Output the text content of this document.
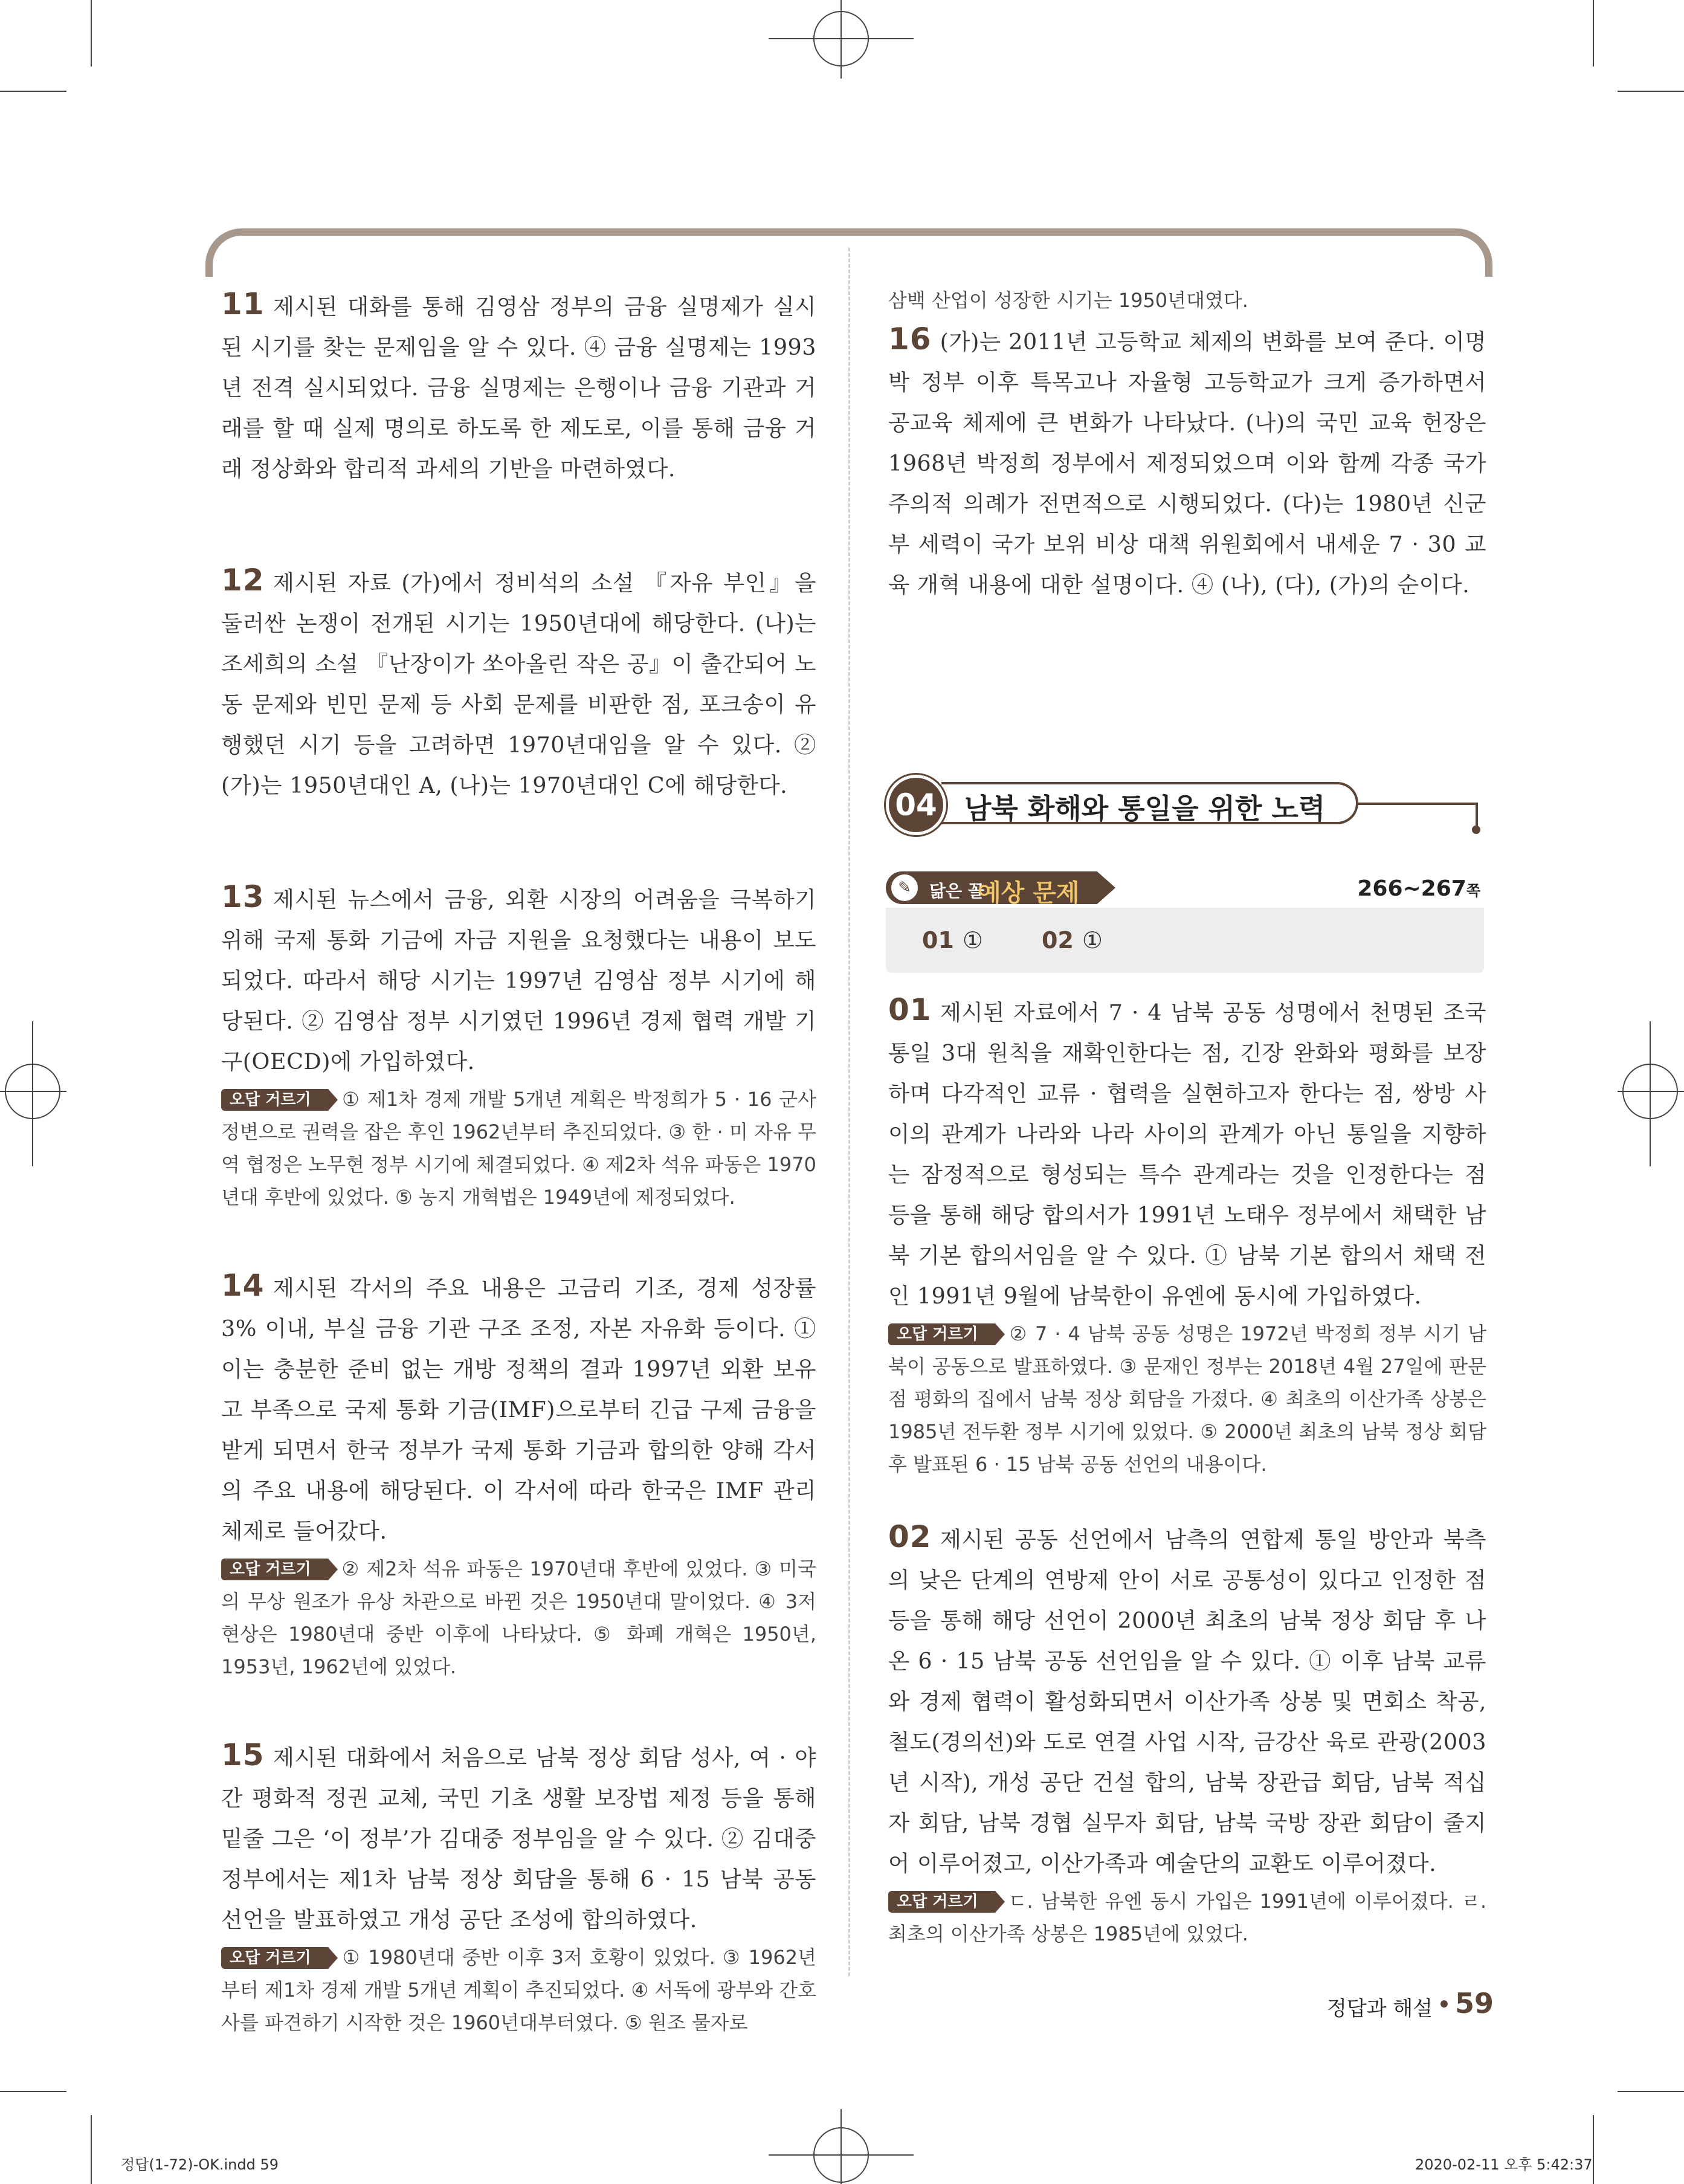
11 제시된 대화를 통해 김영삼 정부의 금융 실명제가 실시된 시기를 찾는 문제임을 알 수 있다. ④ 금융 실명제는 1993년 전격 실시되었다. 금융 실명제는 은행이나 금융 기관과 거래를 할 때 실제 명의로 하도록 한 제도로, 이를 통해 금융 거래 정상화와 합리적 과세의 기반을 마련하였다.

12 제시된 자료 (가)에서 정비석의 소설 『자유 부인』을 둘러싼 논쟁이 전개된 시기는 1950년대에 해당한다. (나)는 조세희의 소설 『난장이가 쏘아올린 작은 공』이 출간되어 노동 문제와 빈민 문제 등 사회 문제를 비판한 점, 포크송이 유행했던 시기 등을 고려하면 1970년대임을 알 수 있다. ② (가)는 1950년대인 A, (나)는 1970년대인 C에 해당한다.

13 제시된 뉴스에서 금융, 외환 시장의 어려움을 극복하기 위해 국제 통화 기금에 자금 지원을 요청했다는 내용이 보도되었다. 따라서 해당 시기는 1997년 김영삼 정부 시기에 해당된다. ② 김영삼 정부 시기였던 1996년 경제 협력 개발 기구(OECD)에 가입하였다.

오답 거르기 ① 제1차 경제 개발 5개년 계획은 박정희가 5 · 16 군사 정변으로 권력을 잡은 후인 1962년부터 추진되었다. ③ 한 · 미 자유 무역 협정은 노무현 정부 시기에 체결되었다. ④ 제2차 석유 파동은 1970년대 후반에 있었다. ⑤ 농지 개혁법은 1949년에 제정되었다.

14 제시된 각서의 주요 내용은 고금리 기조, 경제 성장률 3% 이내, 부실 금융 기관 구조 조정, 자본 자유화 등이다. ① 이는 충분한 준비 없는 개방 정책의 결과 1997년 외환 보유고 부족으로 국제 통화 기금(IMF)으로부터 긴급 구제 금융을 받게 되면서 한국 정부가 국제 통화 기금과 합의한 양해 각서의 주요 내용에 해당된다. 이 각서에 따라 한국은 IMF 관리 체제로 들어갔다.

오답 거르기 ② 제2차 석유 파동은 1970년대 후반에 있었다. ③ 미국의 무상 원조가 유상 차관으로 바뀐 것은 1950년대 말이었다. ④ 3저 현상은 1980년대 중반 이후에 나타났다. ⑤ 화폐 개혁은 1950년, 1953년, 1962년에 있었다.

15 제시된 대화에서 처음으로 남북 정상 회담 성사, 여 · 야 간 평화적 정권 교체, 국민 기초 생활 보장법 제정 등을 통해 밑줄 그은 ‘이 정부’가 김대중 정부임을 알 수 있다. ② 김대중 정부에서는 제1차 남북 정상 회담을 통해 6 · 15 남북 공동 선언을 발표하였고 개성 공단 조성에 합의하였다.

오답 거르기 ① 1980년대 중반 이후 3저 호황이 있었다. ③ 1962년부터 제1차 경제 개발 5개년 계획이 추진되었다. ④ 서독에 광부와 간호사를 파견하기 시작한 것은 1960년대부터였다. ⑤ 원조 물자로

삼백 산업이 성장한 시기는 1950년대였다.

16 (가)는 2011년 고등학교 체제의 변화를 보여 준다. 이명박 정부 이후 특목고나 자율형 고등학교가 크게 증가하면서 공교육 체제에 큰 변화가 나타났다. (나)의 국민 교육 헌장은 1968년 박정희 정부에서 제정되었으며 이와 함께 각종 국가주의적 의례가 전면적으로 시행되었다. (다)는 1980년 신군부 세력이 국가 보위 비상 대책 위원회에서 내세운 7 · 30 교육 개혁 내용에 대한 설명이다. ④ (나), (다), (가)의 순이다.

04 남북 화해와 통일을 위한 노력
✎	닮은 꼴
예상 문제	266~267쪽
01 ①	02 ①

01 제시된 자료에서 7 · 4 남북 공동 성명에서 천명된 조국 통일 3대 원칙을 재확인한다는 점, 긴장 완화와 평화를 보장하며 다각적인 교류 · 협력을 실현하고자 한다는 점, 쌍방 사이의 관계가 나라와 나라 사이의 관계가 아닌 통일을 지향하는 잠정적으로 형성되는 특수 관계라는 것을 인정한다는 점 등을 통해 해당 합의서가 1991년 노태우 정부에서 채택한 남북 기본 합의서임을 알 수 있다. ① 남북 기본 합의서 채택 전인 1991년 9월에 남북한이 유엔에 동시에 가입하였다.

오답 거르기 ② 7 · 4 남북 공동 성명은 1972년 박정희 정부 시기 남북이 공동으로 발표하였다. ③ 문재인 정부는 2018년 4월 27일에 판문점 평화의 집에서 남북 정상 회담을 가졌다. ④ 최초의 이산가족 상봉은 1985년 전두환 정부 시기에 있었다. ⑤ 2000년 최초의 남북 정상 회담 후 발표된 6 · 15 남북 공동 선언의 내용이다.

02 제시된 공동 선언에서 남측의 연합제 통일 방안과 북측의 낮은 단계의 연방제 안이 서로 공통성이 있다고 인정한 점 등을 통해 해당 선언이 2000년 최초의 남북 정상 회담 후 나온 6 · 15 남북 공동 선언임을 알 수 있다. ① 이후 남북 교류와 경제 협력이 활성화되면서 이산가족 상봉 및 면회소 착공, 철도(경의선)와 도로 연결 사업 시작, 금강산 육로 관광(2003년 시작), 개성 공단 건설 합의, 남북 장관급 회담, 남북 적십자 회담, 남북 경협 실무자 회담, 남북 국방 장관 회담이 줄지어 이루어졌고, 이산가족과 예술단의 교환도 이루어졌다.

오답 거르기 ㄷ. 남북한 유엔 동시 가입은 1991년에 이루어졌다. ㄹ. 최초의 이산가족 상봉은 1985년에 있었다.

정답과 해설 59
정답(1-72)-OK.indd 59	2020-02-11 오후 5:42:37
